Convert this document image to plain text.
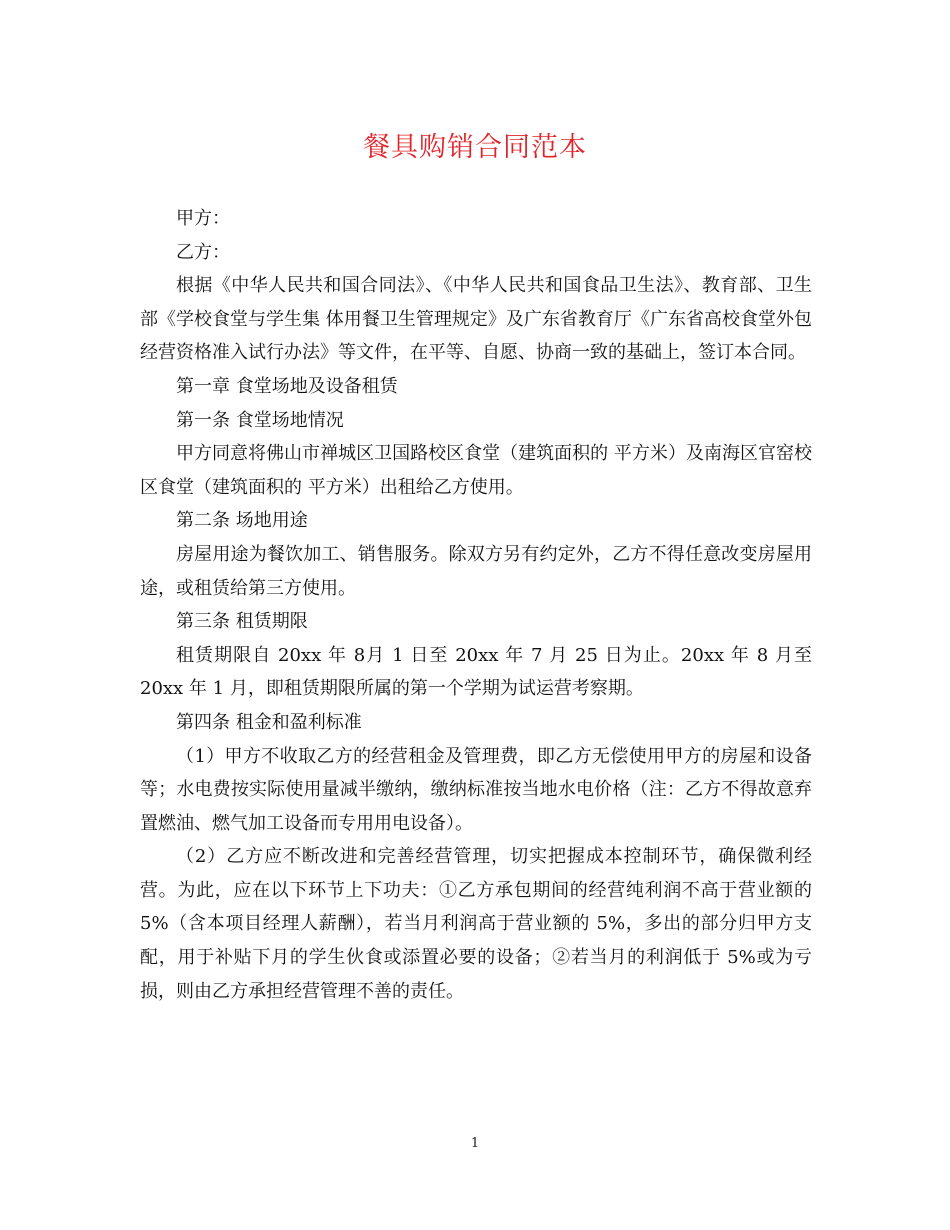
餐具购销合同范本

甲方：

乙方：

根据《中华人民共和国合同法》、《中华人民共和国食品卫生法》、教育部、卫生部《学校食堂与学生集 体用餐卫生管理规定》及广东省教育厅《广东省高校食堂外包经营资格准入试行办法》等文件，在平等、自愿、协商一致的基础上，签订本合同。

第一章 食堂场地及设备租赁

第一条 食堂场地情况

甲方同意将佛山市禅城区卫国路校区食堂（建筑面积的 平方米）及南海区官窑校区食堂（建筑面积的 平方米）出租给乙方使用。

第二条 场地用途

房屋用途为餐饮加工、销售服务。除双方另有约定外，乙方不得任意改变房屋用途，或租赁给第三方使用。

第三条 租赁期限

租赁期限自 20xx 年 8月 1 日至 20xx 年 7 月 25 日为止。20xx 年 8 月至 20xx 年 1 月，即租赁期限所属的第一个学期为试运营考察期。

第四条 租金和盈利标准

（1）甲方不收取乙方的经营租金及管理费，即乙方无偿使用甲方的房屋和设备等；水电费按实际使用量减半缴纳，缴纳标准按当地水电价格（注：乙方不得故意弃置燃油、燃气加工设备而专用用电设备）。

（2）乙方应不断改进和完善经营管理，切实把握成本控制环节，确保微利经营。为此，应在以下环节上下功夫：①乙方承包期间的经营纯利润不高于营业额的 5%（含本项目经理人薪酬），若当月利润高于营业额的 5%，多出的部分归甲方支配，用于补贴下月的学生伙食或添置必要的设备；②若当月的利润低于 5%或为亏损，则由乙方承担经营管理不善的责任。

1
